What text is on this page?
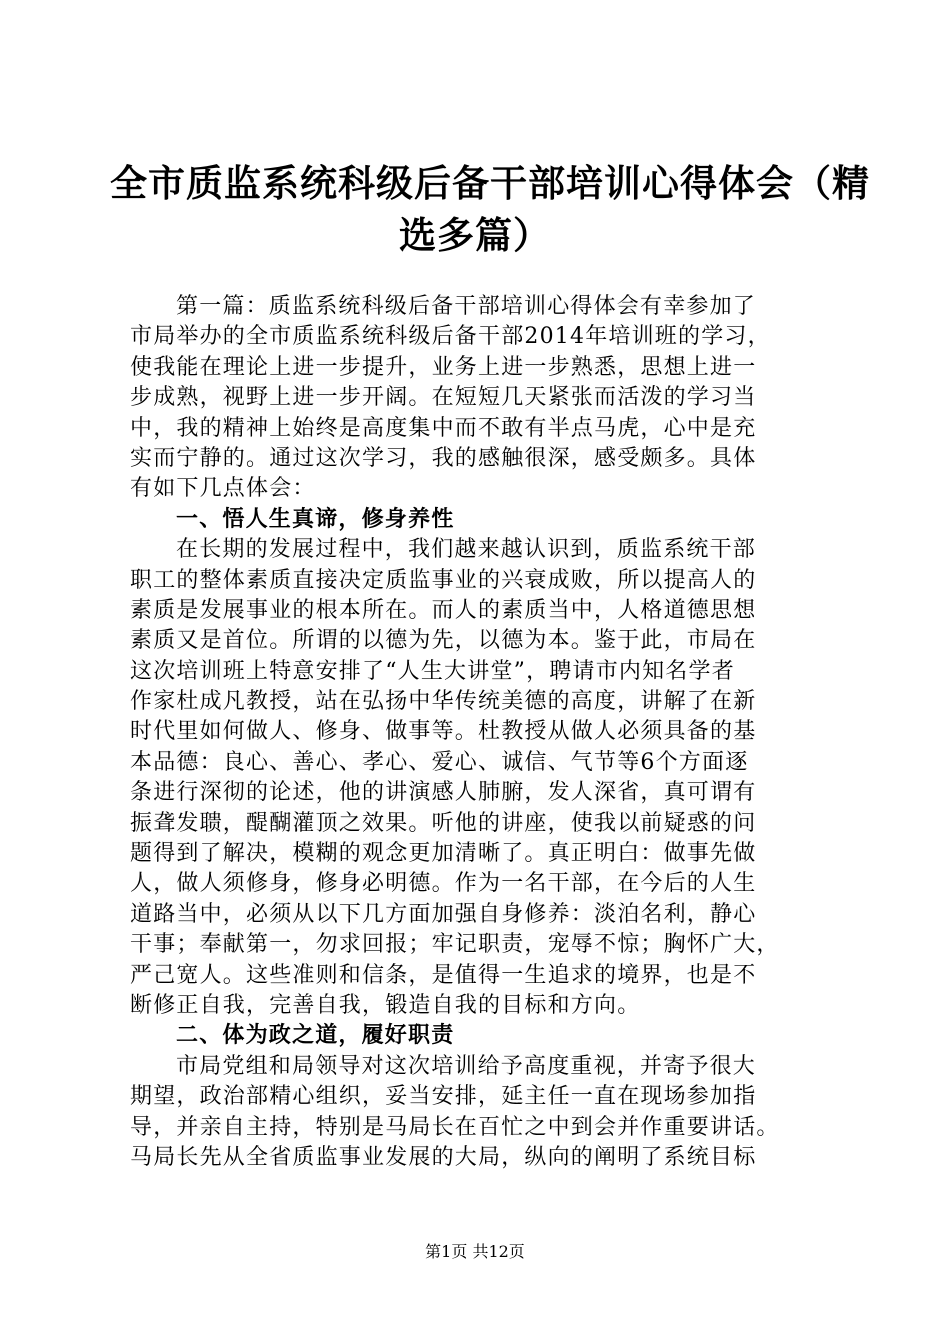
全市质监系统科级后备干部培训心得体会（精
选多篇）
第一篇：质监系统科级后备干部培训心得体会有幸参加了
市局举办的全市质监系统科级后备干部2014年培训班的学习，
使我能在理论上进一步提升，业务上进一步熟悉，思想上进一
步成熟，视野上进一步开阔。在短短几天紧张而活泼的学习当
中，我的精神上始终是高度集中而不敢有半点马虎，心中是充
实而宁静的。通过这次学习，我的感触很深，感受颇多。具体
有如下几点体会：
一、悟人生真谛，修身养性
在长期的发展过程中，我们越来越认识到，质监系统干部
职工的整体素质直接决定质监事业的兴衰成败，所以提高人的
素质是发展事业的根本所在。而人的素质当中，人格道德思想
素质又是首位。所谓的以德为先，以德为本。鉴于此，市局在
这次培训班上特意安排了“人生大讲堂”，聘请市内知名学者
作家杜成凡教授，站在弘扬中华传统美德的高度，讲解了在新
时代里如何做人、修身、做事等。杜教授从做人必须具备的基
本品德：良心、善心、孝心、爱心、诚信、气节等6个方面逐
条进行深彻的论述，他的讲演感人肺腑，发人深省，真可谓有
振聋发聩，醍醐灌顶之效果。听他的讲座，使我以前疑惑的问
题得到了解决，模糊的观念更加清晰了。真正明白：做事先做
人，做人须修身，修身必明德。作为一名干部，在今后的人生
道路当中，必须从以下几方面加强自身修养：淡泊名利，静心
干事；奉献第一，勿求回报；牢记职责，宠辱不惊；胸怀广大，
严己宽人。这些准则和信条，是值得一生追求的境界，也是不
断修正自我，完善自我，锻造自我的目标和方向。
二、体为政之道，履好职责
市局党组和局领导对这次培训给予高度重视，并寄予很大
期望，政治部精心组织，妥当安排，延主任一直在现场参加指
导，并亲自主持，特别是马局长在百忙之中到会并作重要讲话。
马局长先从全省质监事业发展的大局，纵向的阐明了系统目标
第1页 共12页
